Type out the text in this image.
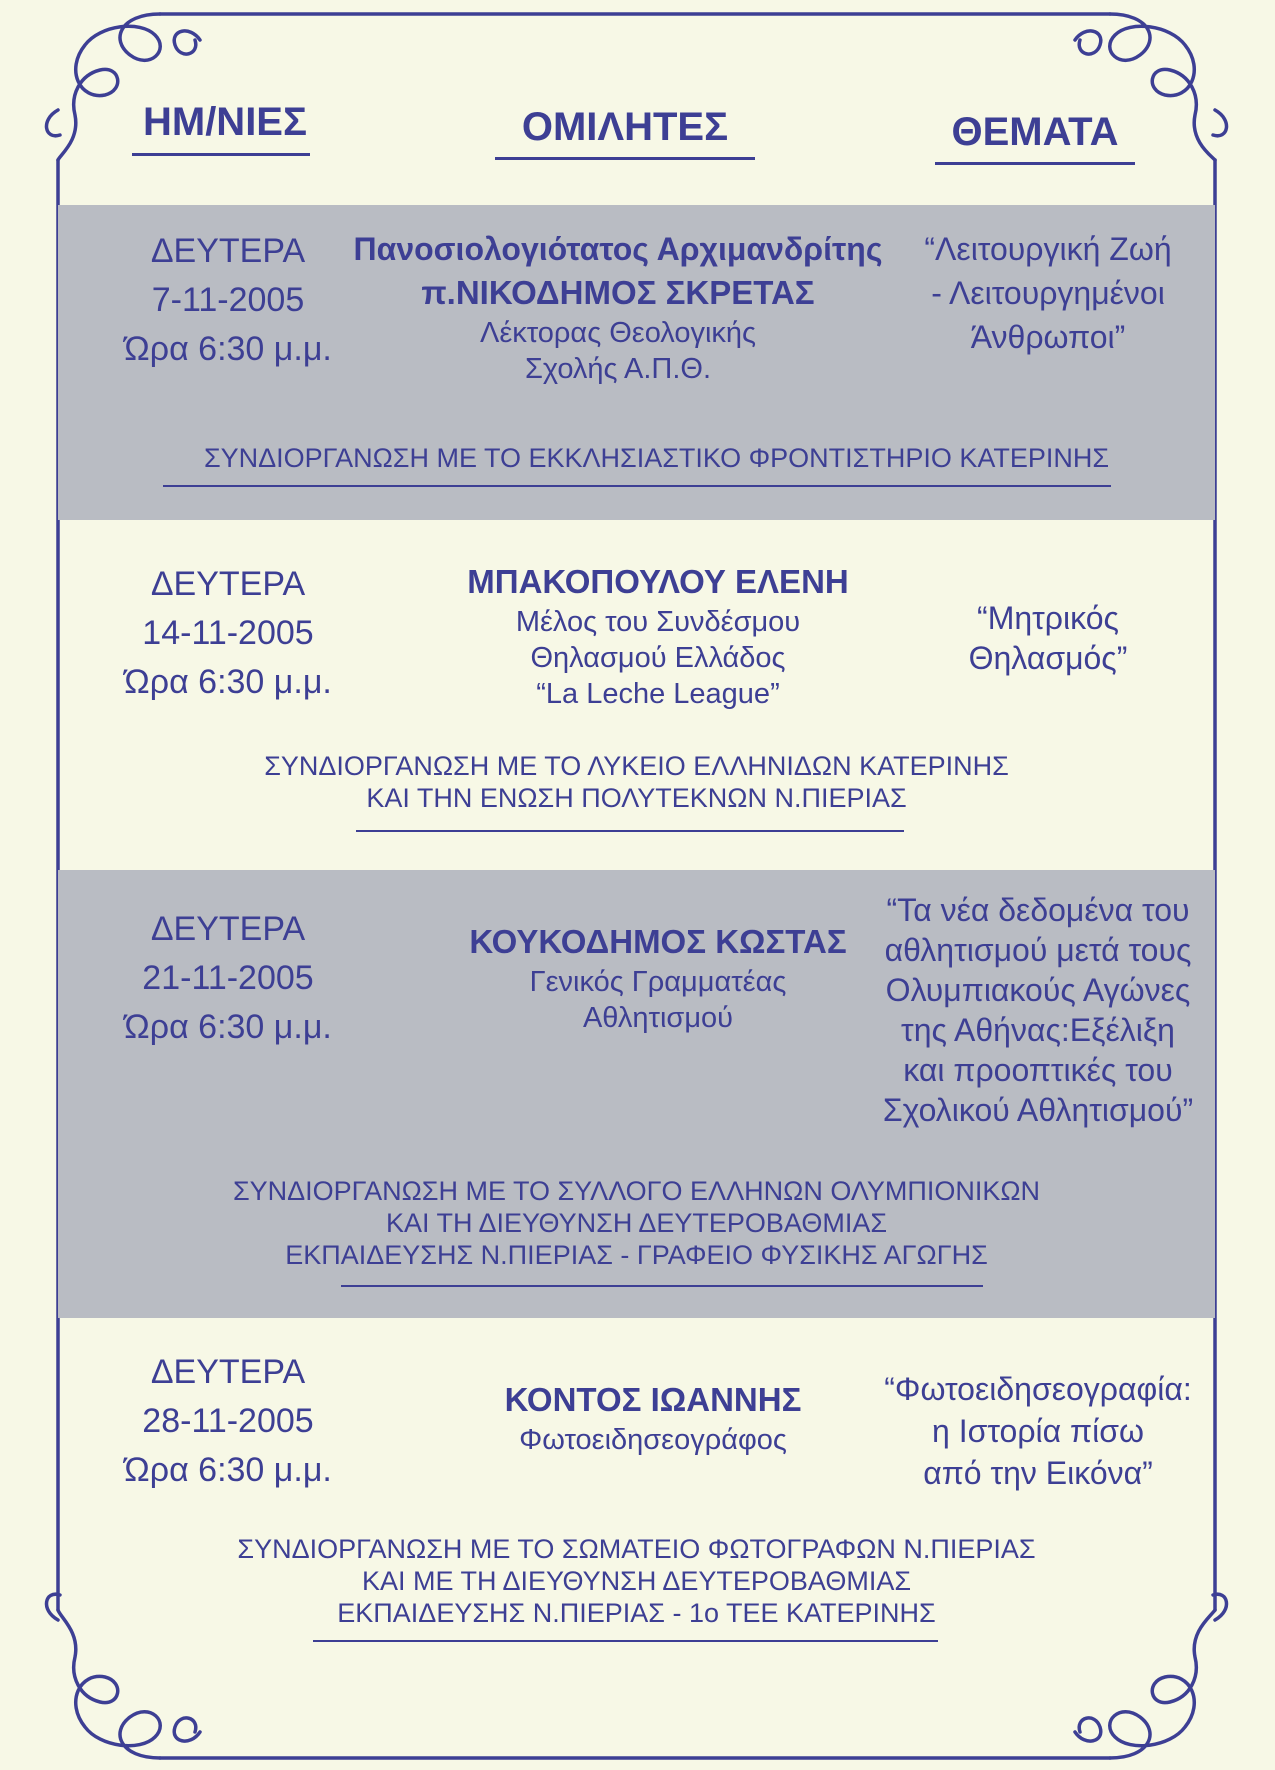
ΗΜ/ΝΙΕΣ	ΟΜΙΛΗΤΕΣ	ΘΕΜΑΤΑ
ΔΕΥΤΕΡΑ
7-11-2005
Ώρα 6:30 μ.μ.
Πανοσιολογιότατος Αρχιμανδρίτης
π.ΝΙΚΟΔΗΜΟΣ ΣΚΡΕΤΑΣ
Λέκτορας Θεολογικής
Σχολής Α.Π.Θ.
“Λειτουργική Ζωή
- Λειτουργημένοι
Άνθρωποι”
ΣΥΝΔΙΟΡΓΑΝΩΣΗ ΜΕ ΤΟ ΕΚΚΛΗΣΙΑΣΤΙΚΟ ΦΡΟΝΤΙΣΤΗΡΙΟ ΚΑΤΕΡΙΝΗΣ
ΔΕΥΤΕΡΑ
14-11-2005
Ώρα 6:30 μ.μ.
ΜΠΑΚΟΠΟΥΛΟΥ ΕΛΕΝΗ
Μέλος του Συνδέσμου
Θηλασμού Ελλάδος
“La Leche League”
“Μητρικός
Θηλασμός”
ΣΥΝΔΙΟΡΓΑΝΩΣΗ ΜΕ ΤΟ ΛΥΚΕΙΟ ΕΛΛΗΝΙΔΩΝ ΚΑΤΕΡΙΝΗΣ
ΚΑΙ ΤΗΝ ΕΝΩΣΗ ΠΟΛΥΤΕΚΝΩΝ Ν.ΠΙΕΡΙΑΣ
ΔΕΥΤΕΡΑ
21-11-2005
Ώρα 6:30 μ.μ.
ΚΟΥΚΟΔΗΜΟΣ ΚΩΣΤΑΣ
Γενικός Γραμματέας
Αθλητισμού
“Τα νέα δεδομένα του
αθλητισμού μετά τους
Ολυμπιακούς Αγώνες
της Αθήνας:Εξέλιξη
και προοπτικές του
Σχολικού Αθλητισμού”
ΣΥΝΔΙΟΡΓΑΝΩΣΗ ΜΕ ΤΟ ΣΥΛΛΟΓΟ ΕΛΛΗΝΩΝ ΟΛΥΜΠΙΟΝΙΚΩΝ
ΚΑΙ ΤΗ ΔΙΕΥΘΥΝΣΗ ΔΕΥΤΕΡΟΒΑΘΜΙΑΣ
ΕΚΠΑΙΔΕΥΣΗΣ Ν.ΠΙΕΡΙΑΣ - ΓΡΑΦΕΙΟ ΦΥΣΙΚΗΣ ΑΓΩΓΗΣ
ΔΕΥΤΕΡΑ
28-11-2005
Ώρα 6:30 μ.μ.
ΚΟΝΤΟΣ ΙΩΑΝΝΗΣ
Φωτοειδησεογράφος
“Φωτοειδησεογραφία:
η Ιστορία πίσω
από την Εικόνα”
ΣΥΝΔΙΟΡΓΑΝΩΣΗ ΜΕ ΤΟ ΣΩΜΑΤΕΙΟ ΦΩΤΟΓΡΑΦΩΝ Ν.ΠΙΕΡΙΑΣ
ΚΑΙ ΜΕ ΤΗ ΔΙΕΥΘΥΝΣΗ ΔΕΥΤΕΡΟΒΑΘΜΙΑΣ
ΕΚΠΑΙΔΕΥΣΗΣ Ν.ΠΙΕΡΙΑΣ - 1ο ΤΕΕ ΚΑΤΕΡΙΝΗΣ
